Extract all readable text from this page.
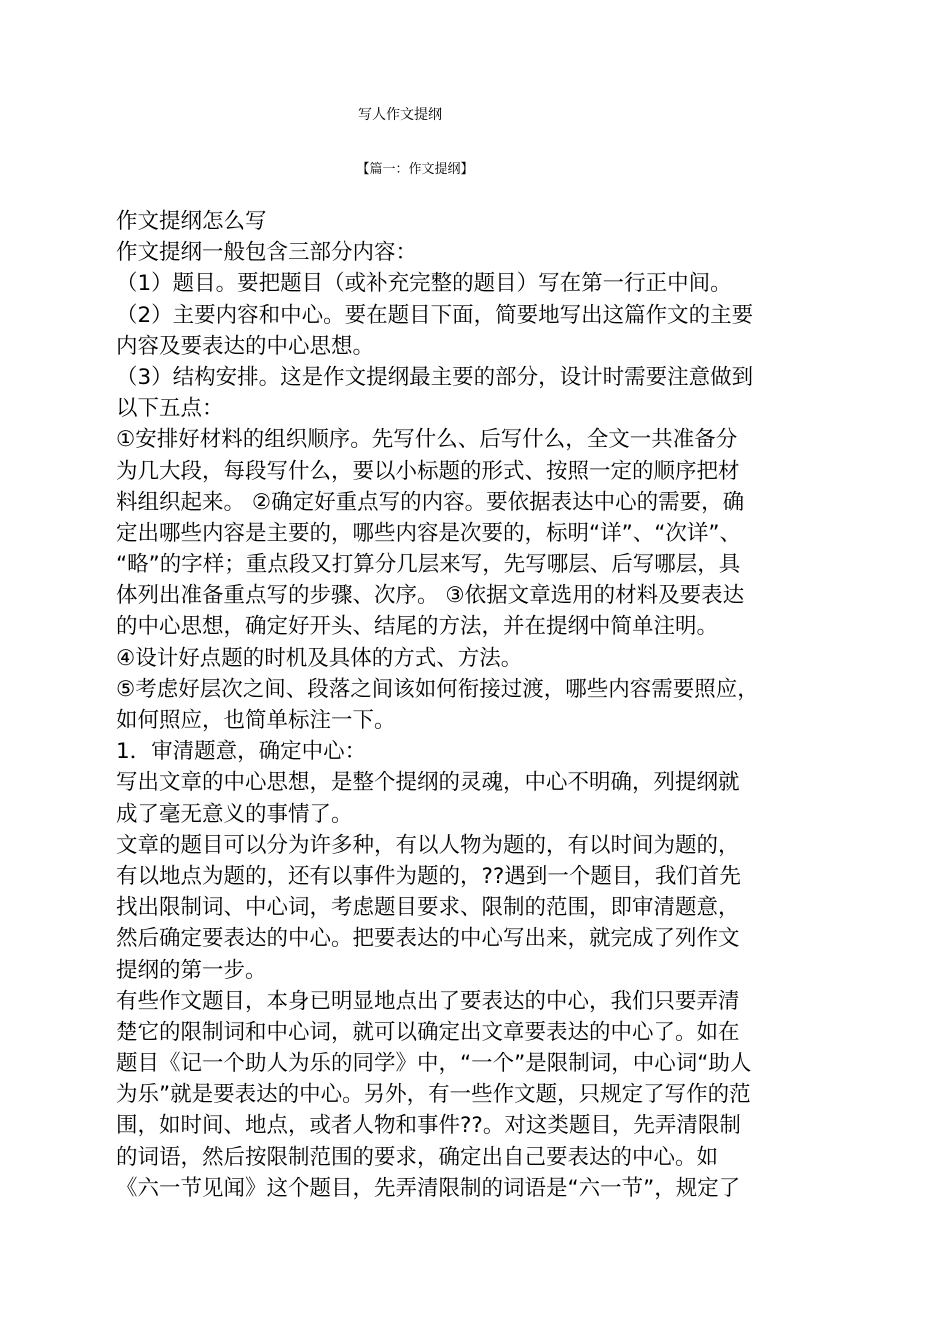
写人作文提纲
【篇一：作文提纲】
作文提纲怎么写
作文提纲一般包含三部分内容：
（1）题目。要把题目（或补充完整的题目）写在第一行正中间。
（2）主要内容和中心。要在题目下面，简要地写出这篇作文的主要
内容及要表达的中心思想。
（3）结构安排。这是作文提纲最主要的部分，设计时需要注意做到
以下五点：
①安排好材料的组织顺序。先写什么、后写什么，全文一共准备分
为几大段，每段写什么，要以小标题的形式、按照一定的顺序把材
料组织起来。 ②确定好重点写的内容。要依据表达中心的需要，确
定出哪些内容是主要的，哪些内容是次要的，标明“详”、“次详”、
“略”的字样；重点段又打算分几层来写，先写哪层、后写哪层，具
体列出准备重点写的步骤、次序。 ③依据文章选用的材料及要表达
的中心思想，确定好开头、结尾的方法，并在提纲中简单注明。
④设计好点题的时机及具体的方式、方法。
⑤考虑好层次之间、段落之间该如何衔接过渡，哪些内容需要照应，
如何照应，也简单标注一下。
1．审清题意，确定中心：
写出文章的中心思想，是整个提纲的灵魂，中心不明确，列提纲就
成了毫无意义的事情了。
文章的题目可以分为许多种，有以人物为题的，有以时间为题的，
有以地点为题的，还有以事件为题的，??遇到一个题目，我们首先
找出限制词、中心词，考虑题目要求、限制的范围，即审清题意，
然后确定要表达的中心。把要表达的中心写出来，就完成了列作文
提纲的第一步。
有些作文题目，本身已明显地点出了要表达的中心，我们只要弄清
楚它的限制词和中心词，就可以确定出文章要表达的中心了。如在
题目《记一个助人为乐的同学》中，“一个”是限制词，中心词“助人
为乐”就是要表达的中心。另外，有一些作文题，只规定了写作的范
围，如时间、地点，或者人物和事件??。对这类题目，先弄清限制
的词语，然后按限制范围的要求，确定出自己要表达的中心。如
《六一节见闻》这个题目，先弄清限制的词语是“六一节”，规定了
